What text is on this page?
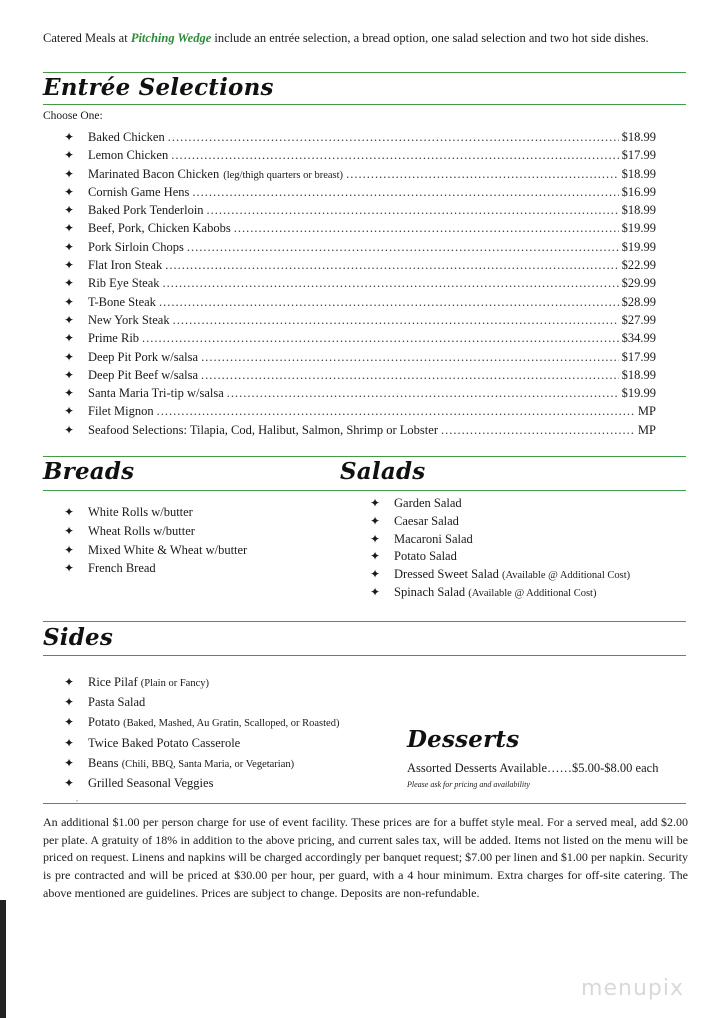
Catered Meals at Pitching Wedge include an entrée selection, a bread option, one salad selection and two hot side dishes.
Entrée Selections
Choose One:
✦	Baked Chicken .....	$18.99
✦	Lemon Chicken .....	$17.99
✦	Marinated Bacon Chicken (leg/thigh quarters or breast) .....	$18.99
✦	Cornish Game Hens .....	$16.99
✦	Baked Pork Tenderloin .....	$18.99
✦	Beef, Pork, Chicken Kabobs .....	$19.99
✦	Pork Sirloin Chops .....	$19.99
✦	Flat Iron Steak .....	$22.99
✦	Rib Eye Steak .....	$29.99
✦	T-Bone Steak .....	$28.99
✦	New York Steak .....	$27.99
✦	Prime Rib .....	$34.99
✦	Deep Pit Pork w/salsa .....	$17.99
✦	Deep Pit Beef w/salsa .....	$18.99
✦	Santa Maria Tri-tip w/salsa .....	$19.99
✦	Filet Mignon .....	MP
✦	Seafood Selections: Tilapia, Cod, Halibut, Salmon, Shrimp or Lobster .....	MP
Breads
✦ White Rolls w/butter
✦ Wheat Rolls w/butter
✦ Mixed White & Wheat w/butter
✦ French Bread
Salads
✦ Garden Salad
✦ Caesar Salad
✦ Macaroni Salad
✦ Potato Salad
✦ Dressed Sweet Salad (Available @ Additional Cost)
✦ Spinach Salad (Available @ Additional Cost)
Sides
✦ Rice Pilaf (Plain or Fancy)
✦ Pasta Salad
✦ Potato (Baked, Mashed, Au Gratin, Scalloped, or Roasted)
✦ Twice Baked Potato Casserole
✦ Beans (Chili, BBQ, Santa Maria, or Vegetarian)
✦ Grilled Seasonal Veggies
Desserts
Assorted Desserts Available……$5.00-$8.00 each
Please ask for pricing and availability
•
An additional $1.00 per person charge for use of event facility. These prices are for a buffet style meal. For a served meal, add $2.00 per plate. A gratuity of 18% in addition to the above pricing, and current sales tax, will be added. Items not listed on the menu will be priced on request. Linens and napkins will be charged accordingly per banquet request; $7.00 per linen and $1.00 per napkin. Security is pre contracted and will be priced at $30.00 per hour, per guard, with a 4 hour minimum. Extra charges for off-site catering. The above mentioned are guidelines. Prices are subject to change. Deposits are non-refundable.
menupix
